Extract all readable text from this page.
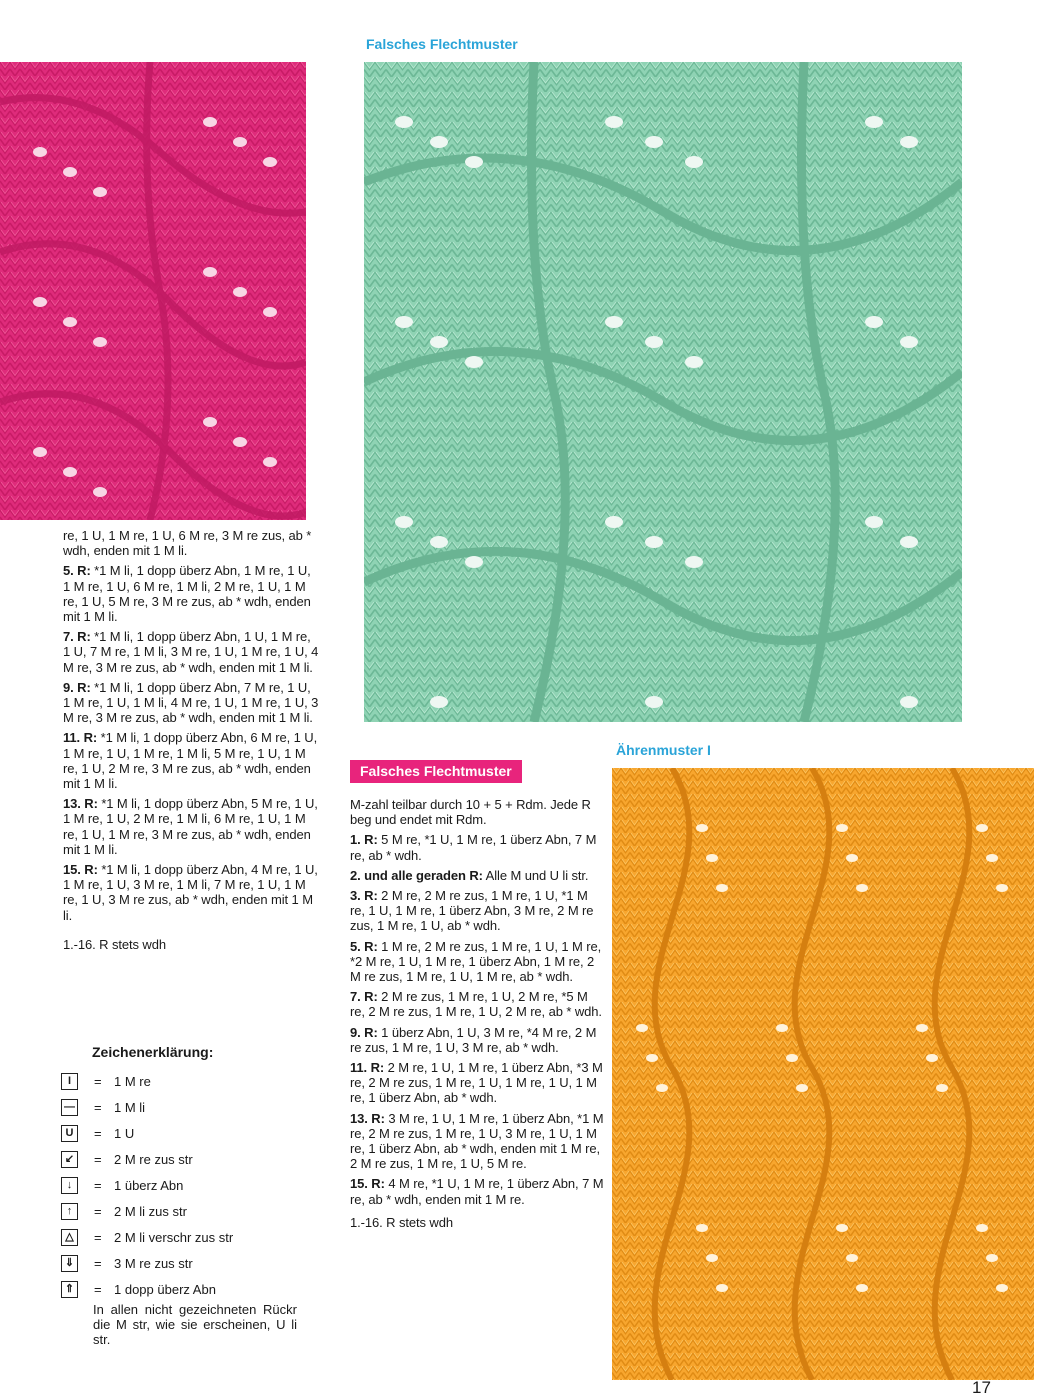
Falsches Flechtmuster
Ährenmuster I
Falsches Flechtmuster

re, 1 U, 1 M re, 1 U, 6 M re, 3 M re zus, ab * wdh, enden mit 1 M li.

5. R: *1 M li, 1 dopp überz Abn, 1 M re, 1 U, 1 M re, 1 U, 6 M re, 1 M li, 2 M re, 1 U, 1 M re, 1 U, 5 M re, 3 M re zus, ab * wdh, enden mit 1 M li.

7. R: *1 M li, 1 dopp überz Abn, 1 U, 1 M re, 1 U, 7 M re, 1 M li, 3 M re, 1 U, 1 M re, 1 U, 4 M re, 3 M re zus, ab * wdh, enden mit 1 M li.

9. R: *1 M li, 1 dopp überz Abn, 7 M re, 1 U, 1 M re, 1 U, 1 M li, 4 M re, 1 U, 1 M re, 1 U, 3 M re, 3 M re zus, ab * wdh, enden mit 1 M li.

11. R: *1 M li, 1 dopp überz Abn, 6 M re, 1 U, 1 M re, 1 U, 1 M re, 1 M li, 5 M re, 1 U, 1 M re, 1 U, 2 M re, 3 M re zus, ab * wdh, enden mit 1 M li.

13. R: *1 M li, 1 dopp überz Abn, 5 M re, 1 U, 1 M re, 1 U, 2 M re, 1 M li, 6 M re, 1 U, 1 M re, 1 U, 1 M re, 3 M re zus, ab * wdh, enden mit 1 M li.

15. R: *1 M li, 1 dopp überz Abn, 4 M re, 1 U, 1 M re, 1 U, 3 M re, 1 M li, 7 M re, 1 U, 1 M re, 1 U, 3 M re zus, ab * wdh, enden mit 1 M li.

1.-16. R stets wdh

Zeichenerklärung:
I	= 1 M re
— = 1 M li
U	= 1 U
↙ = 2 M re zus str
↓	= 1 überz Abn
↑	= 2 M li zus str
△	= 2 M li verschr zus str
⇓ = 3 M re zus str
⇑ = 1 dopp überz Abn
In allen nicht gezeichneten Rückr die M str, wie sie erscheinen, U li str.

M-zahl teilbar durch 10 + 5 + Rdm. Jede R beg und endet mit Rdm.

1. R: 5 M re, *1 U, 1 M re, 1 überz Abn, 7 M re, ab * wdh.

2. und alle geraden R: Alle M und U li str.

3. R: 2 M re, 2 M re zus, 1 M re, 1 U, *1 M re, 1 U, 1 M re, 1 überz Abn, 3 M re, 2 M re zus, 1 M re, 1 U, ab * wdh.

5. R: 1 M re, 2 M re zus, 1 M re, 1 U, 1 M re, *2 M re, 1 U, 1 M re, 1 überz Abn, 1 M re, 2 M re zus, 1 M re, 1 U, 1 M re, ab * wdh.

7. R: 2 M re zus, 1 M re, 1 U, 2 M re, *5 M re, 2 M re zus, 1 M re, 1 U, 2 M re, ab * wdh.

9. R: 1 überz Abn, 1 U, 3 M re, *4 M re, 2 M re zus, 1 M re, 1 U, 3 M re, ab * wdh.

11. R: 2 M re, 1 U, 1 M re, 1 überz Abn, *3 M re, 2 M re zus, 1 M re, 1 U, 1 M re, 1 U, 1 M re, 1 überz Abn, ab * wdh.

13. R: 3 M re, 1 U, 1 M re, 1 überz Abn, *1 M re, 2 M re zus, 1 M re, 1 U, 3 M re, 1 U, 1 M re, 1 überz Abn, ab * wdh, enden mit 1 M re, 2 M re zus, 1 M re, 1 U, 5 M re.

15. R: 4 M re, *1 U, 1 M re, 1 überz Abn, 7 M re, ab * wdh, enden mit 1 M re.

1.-16. R stets wdh

17
